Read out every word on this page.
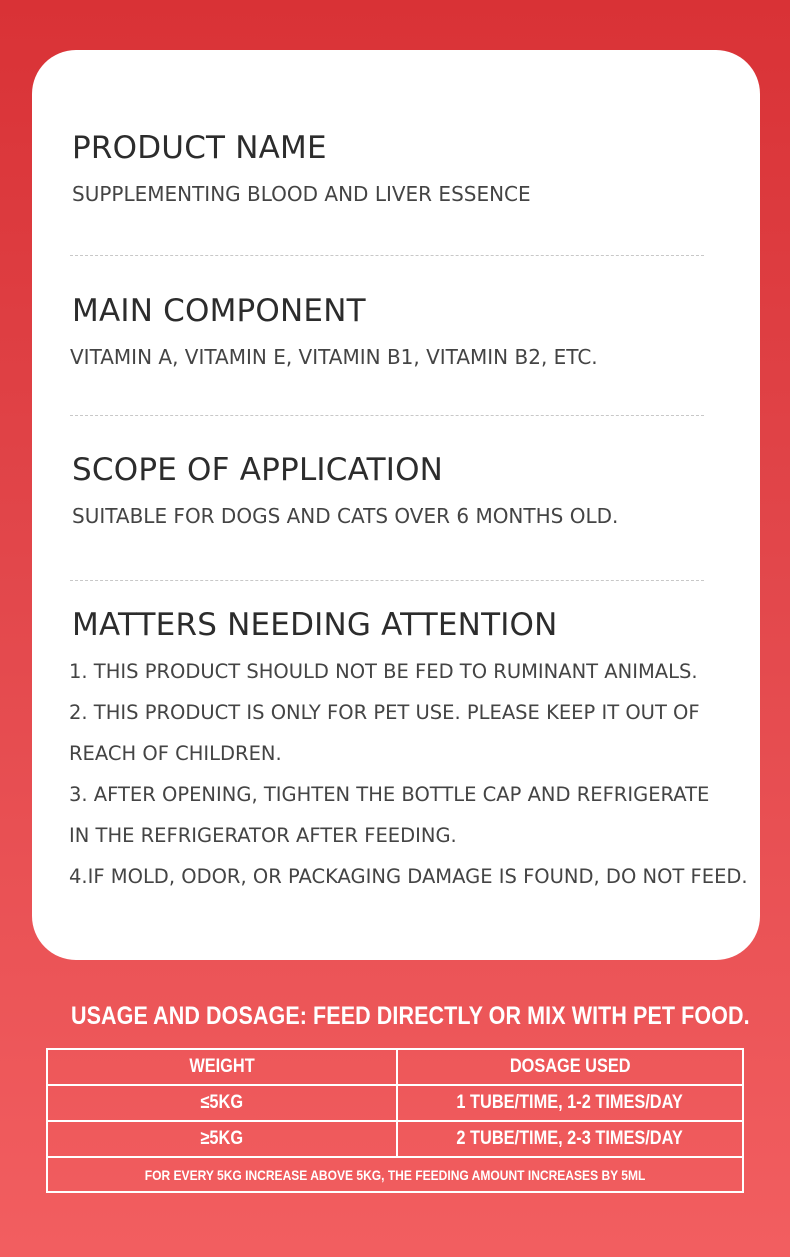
PRODUCT NAME
SUPPLEMENTING BLOOD AND LIVER ESSENCE
MAIN COMPONENT
VITAMIN A, VITAMIN E, VITAMIN B1, VITAMIN B2, ETC.
SCOPE OF APPLICATION
SUITABLE FOR DOGS AND CATS OVER 6 MONTHS OLD.
MATTERS NEEDING ATTENTION
1. THIS PRODUCT SHOULD NOT BE FED TO RUMINANT ANIMALS.
2. THIS PRODUCT IS ONLY FOR PET USE. PLEASE KEEP IT OUT OF
REACH OF CHILDREN.
3. AFTER OPENING, TIGHTEN THE BOTTLE CAP AND REFRIGERATE
IN THE REFRIGERATOR AFTER FEEDING.
4.IF MOLD, ODOR, OR PACKAGING DAMAGE IS FOUND, DO NOT FEED.
USAGE AND DOSAGE: FEED DIRECTLY OR MIX WITH PET FOOD.
WEIGHT	DOSAGE USED
≤5KG	1 TUBE/TIME, 1-2 TIMES/DAY
≥5KG	2 TUBE/TIME, 2-3 TIMES/DAY
FOR EVERY 5KG INCREASE ABOVE 5KG, THE FEEDING AMOUNT INCREASES BY 5ML	
